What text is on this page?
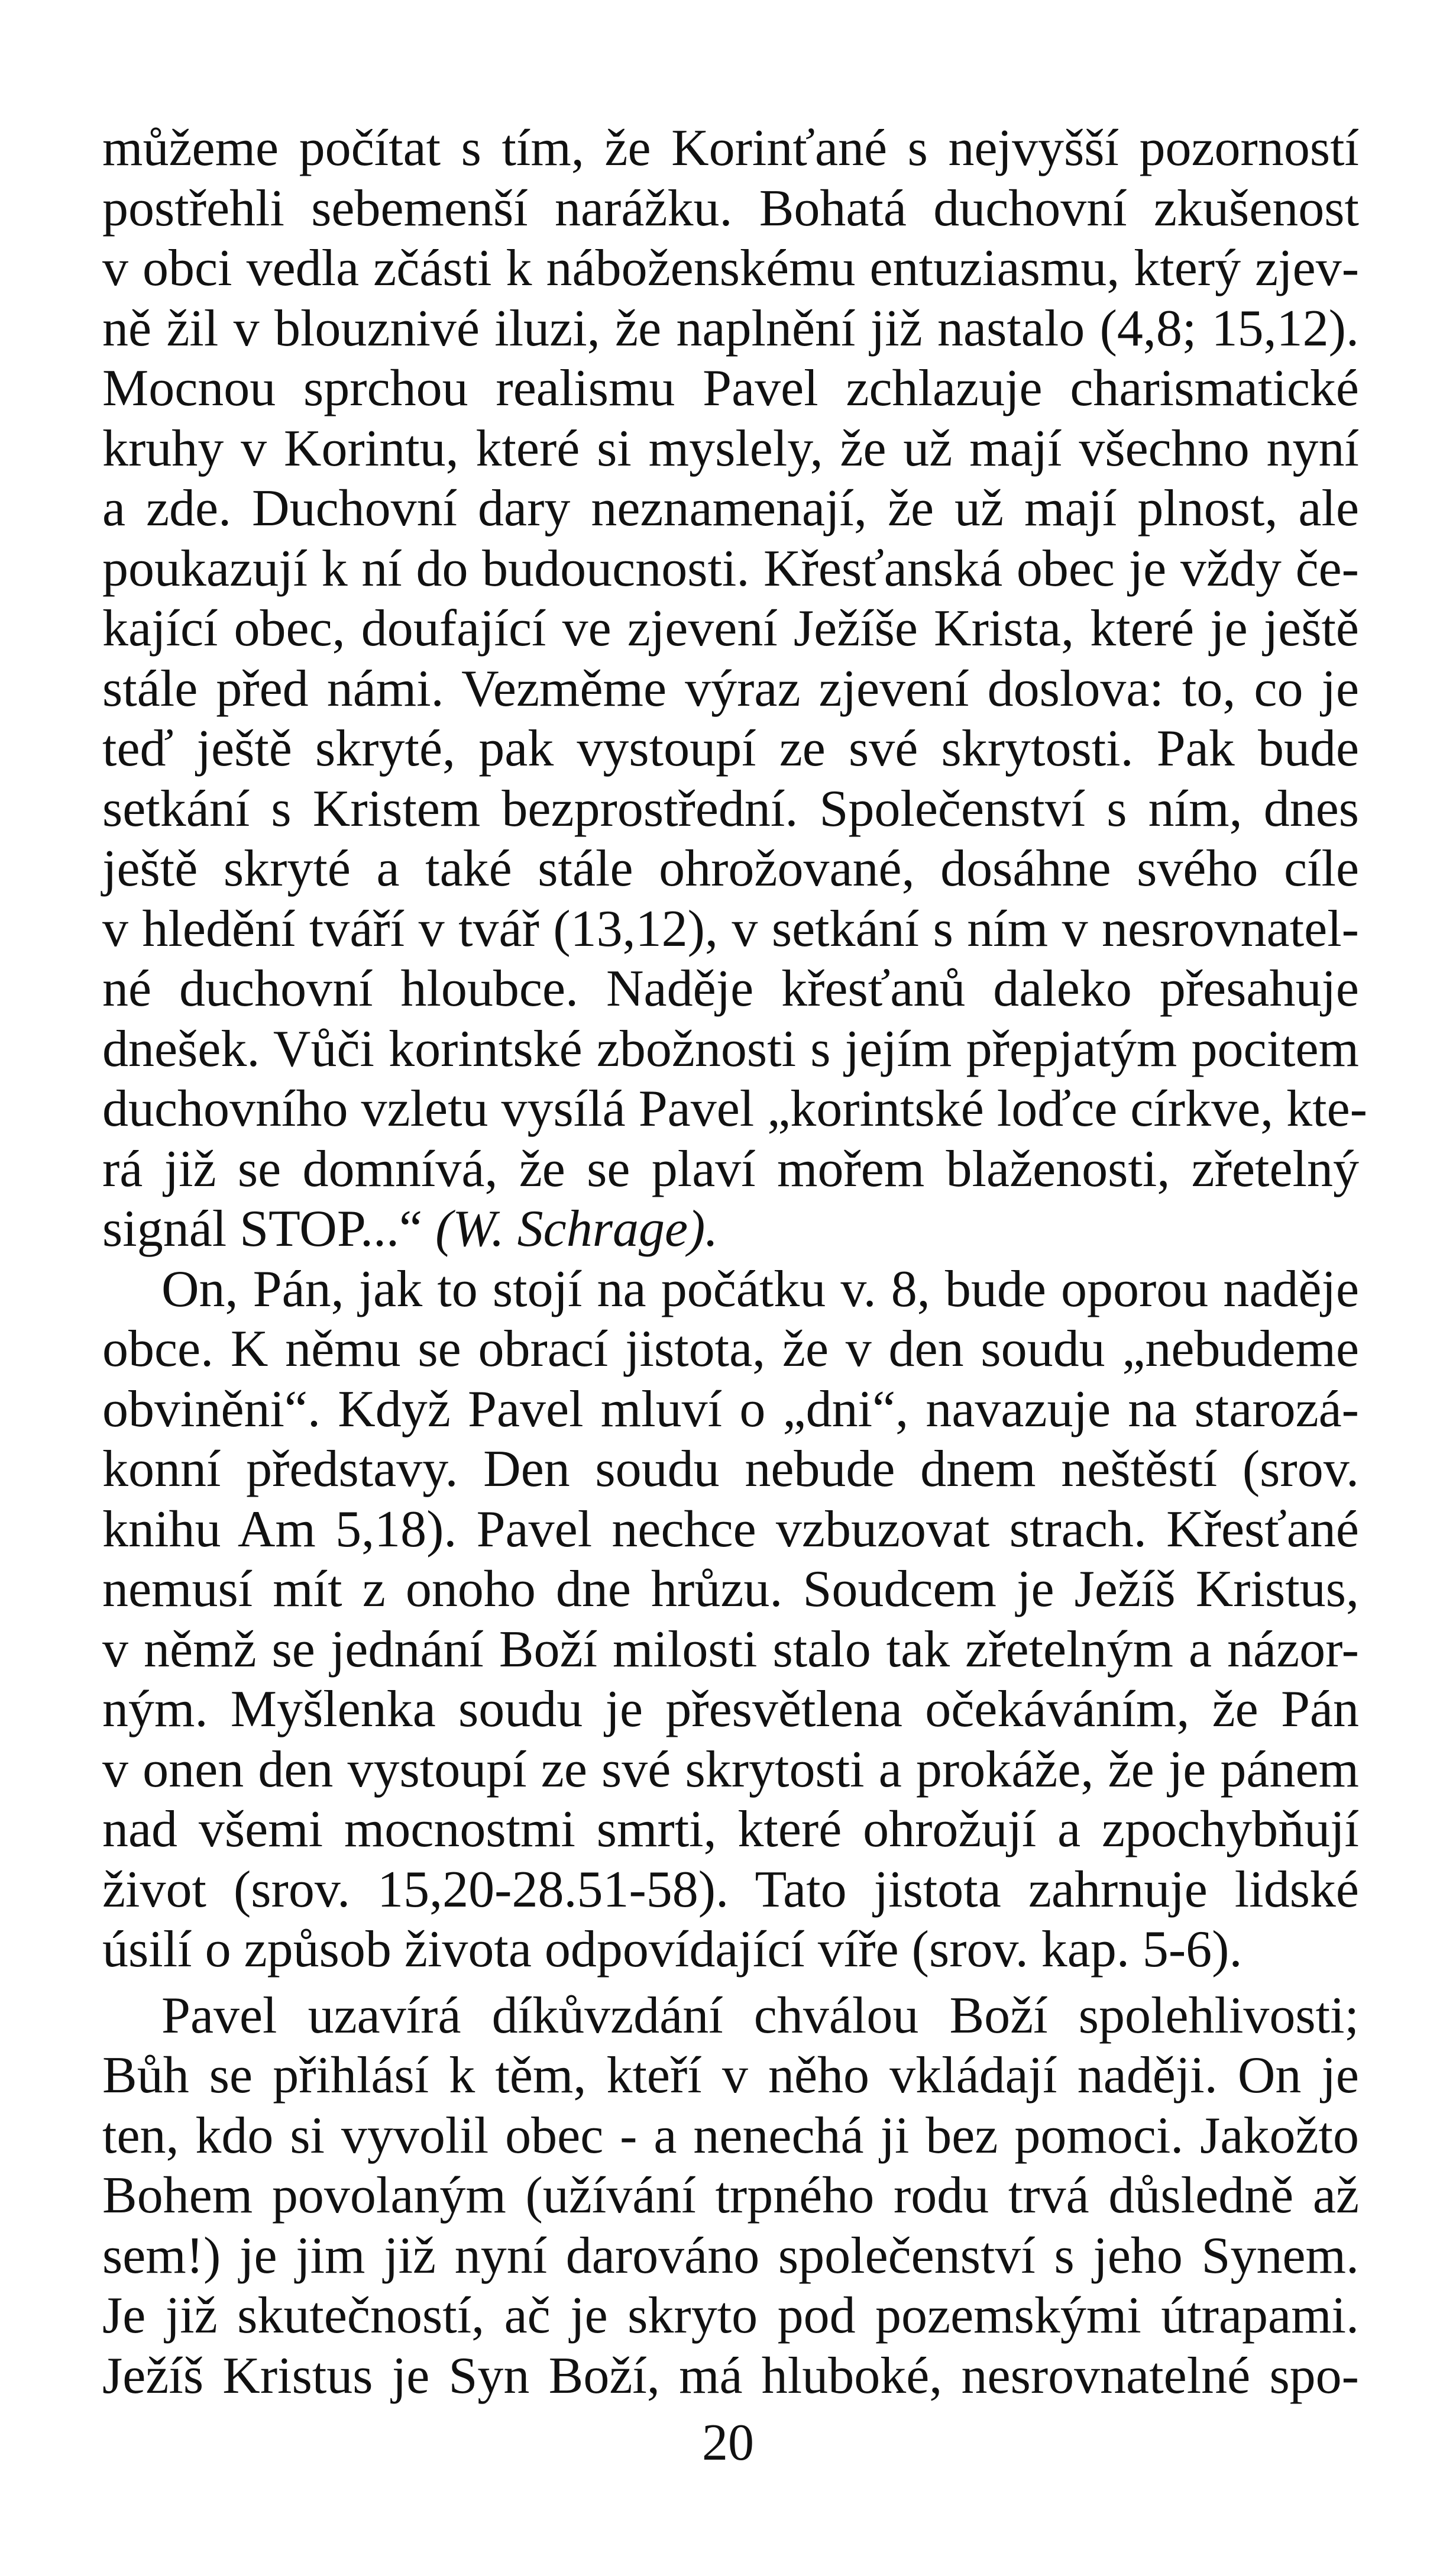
můžeme počítat s tím, že Korinťané s nejvyšší pozorností
postřehli sebemenší narážku. Bohatá duchovní zkušenost
v obci vedla zčásti k náboženskému entuziasmu, který zjev-
ně žil v blouznivé iluzi, že naplnění již nastalo (4,8; 15,12).
Mocnou sprchou realismu Pavel zchlazuje charismatické
kruhy v Korintu, které si myslely, že už mají všechno nyní
a zde. Duchovní dary neznamenají, že už mají plnost, ale
poukazují k ní do budoucnosti. Křesťanská obec je vždy če-
kající obec, doufající ve zjevení Ježíše Krista, které je ještě
stále před námi. Vezměme výraz zjevení doslova: to, co je
teď ještě skryté, pak vystoupí ze své skrytosti. Pak bude
setkání s Kristem bezprostřední. Společenství s ním, dnes
ještě skryté a také stále ohrožované, dosáhne svého cíle
v hledění tváří v tvář (13,12), v setkání s ním v nesrovnatel-
né duchovní hloubce. Naděje křesťanů daleko přesahuje
dnešek. Vůči korintské zbožnosti s jejím přepjatým pocitem
duchovního vzletu vysílá Pavel „korintské loďce církve, kte-
rá již se domnívá, že se plaví mořem blaženosti, zřetelný
signál STOP...“ (W. Schrage).
On, Pán, jak to stojí na počátku v. 8, bude oporou naděje
obce. K němu se obrací jistota, že v den soudu „nebudeme
obviněni“. Když Pavel mluví o „dni“, navazuje na starozá-
konní představy. Den soudu nebude dnem neštěstí (srov.
knihu Am 5,18). Pavel nechce vzbuzovat strach. Křesťané
nemusí mít z onoho dne hrůzu. Soudcem je Ježíš Kristus,
v němž se jednání Boží milosti stalo tak zřetelným a názor-
ným. Myšlenka soudu je přesvětlena očekáváním, že Pán
v onen den vystoupí ze své skrytosti a prokáže, že je pánem
nad všemi mocnostmi smrti, které ohrožují a zpochybňují
život (srov. 15,20-28.51-58). Tato jistota zahrnuje lidské
úsilí o způsob života odpovídající víře (srov. kap. 5-6).
Pavel uzavírá díkůvzdání chválou Boží spolehlivosti;
Bůh se přihlásí k těm, kteří v něho vkládají naději. On je
ten, kdo si vyvolil obec - a nenechá ji bez pomoci. Jakožto
Bohem povolaným (užívání trpného rodu trvá důsledně až
sem!) je jim již nyní darováno společenství s jeho Synem.
Je již skutečností, ač je skryto pod pozemskými útrapami.
Ježíš Kristus je Syn Boží, má hluboké, nesrovnatelné spo-
20
